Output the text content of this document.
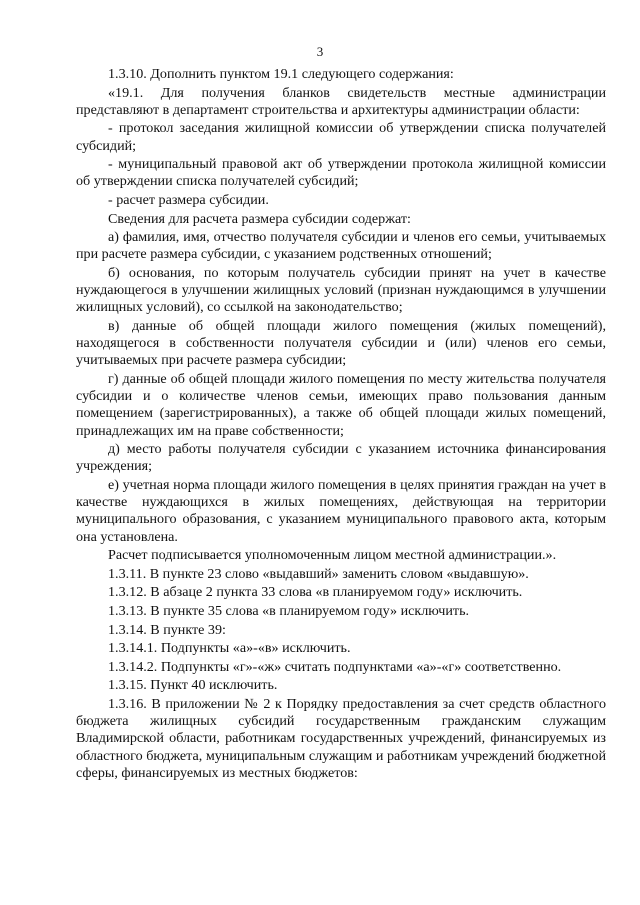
3

1.3.10. Дополнить пунктом 19.1 следующего содержания:

«19.1. Для получения бланков свидетельств местные администрации представляют в департамент строительства и архитектуры администрации области:

- протокол заседания жилищной комиссии об утверждении списка получателей субсидий;

- муниципальный правовой акт об утверждении протокола жилищной комиссии об утверждении списка получателей субсидий;

- расчет размера субсидии.

Сведения для расчета размера субсидии содержат:

а) фамилия, имя, отчество получателя субсидии и членов его семьи, учитываемых при расчете размера субсидии, с указанием родственных отношений;

б) основания, по которым получатель субсидии принят на учет в качестве нуждающегося в улучшении жилищных условий (признан нуждающимся в улучшении жилищных условий), со ссылкой на законодательство;

в) данные об общей площади жилого помещения (жилых помещений), находящегося в собственности получателя субсидии и (или) членов его семьи, учитываемых при расчете размера субсидии;

г) данные об общей площади жилого помещения по месту жительства получателя субсидии и о количестве членов семьи, имеющих право пользования данным помещением (зарегистрированных), а также об общей площади жилых помещений, принадлежащих им на праве собственности;

д) место работы получателя субсидии с указанием источника финансирования учреждения;

е) учетная норма площади жилого помещения в целях принятия граждан на учет в качестве нуждающихся в жилых помещениях, действующая на территории муниципального образования, с указанием муниципального правового акта, которым она установлена.

Расчет подписывается уполномоченным лицом местной администрации.».

1.3.11. В пункте 23 слово «выдавший» заменить словом «выдавшую».

1.3.12. В абзаце 2 пункта 33 слова «в планируемом году» исключить.

1.3.13. В пункте 35 слова «в планируемом году» исключить.

1.3.14. В пункте 39:

1.3.14.1. Подпункты «а»-«в» исключить.

1.3.14.2. Подпункты «г»-«ж» считать подпунктами «а»-«г» соответственно.

1.3.15. Пункт 40 исключить.

1.3.16. В приложении № 2 к Порядку предоставления за счет средств областного бюджета жилищных субсидий государственным гражданским служащим Владимирской области, работникам государственных учреждений, финансируемых из областного бюджета, муниципальным служащим и работникам учреждений бюджетной сферы, финансируемых из местных бюджетов:
